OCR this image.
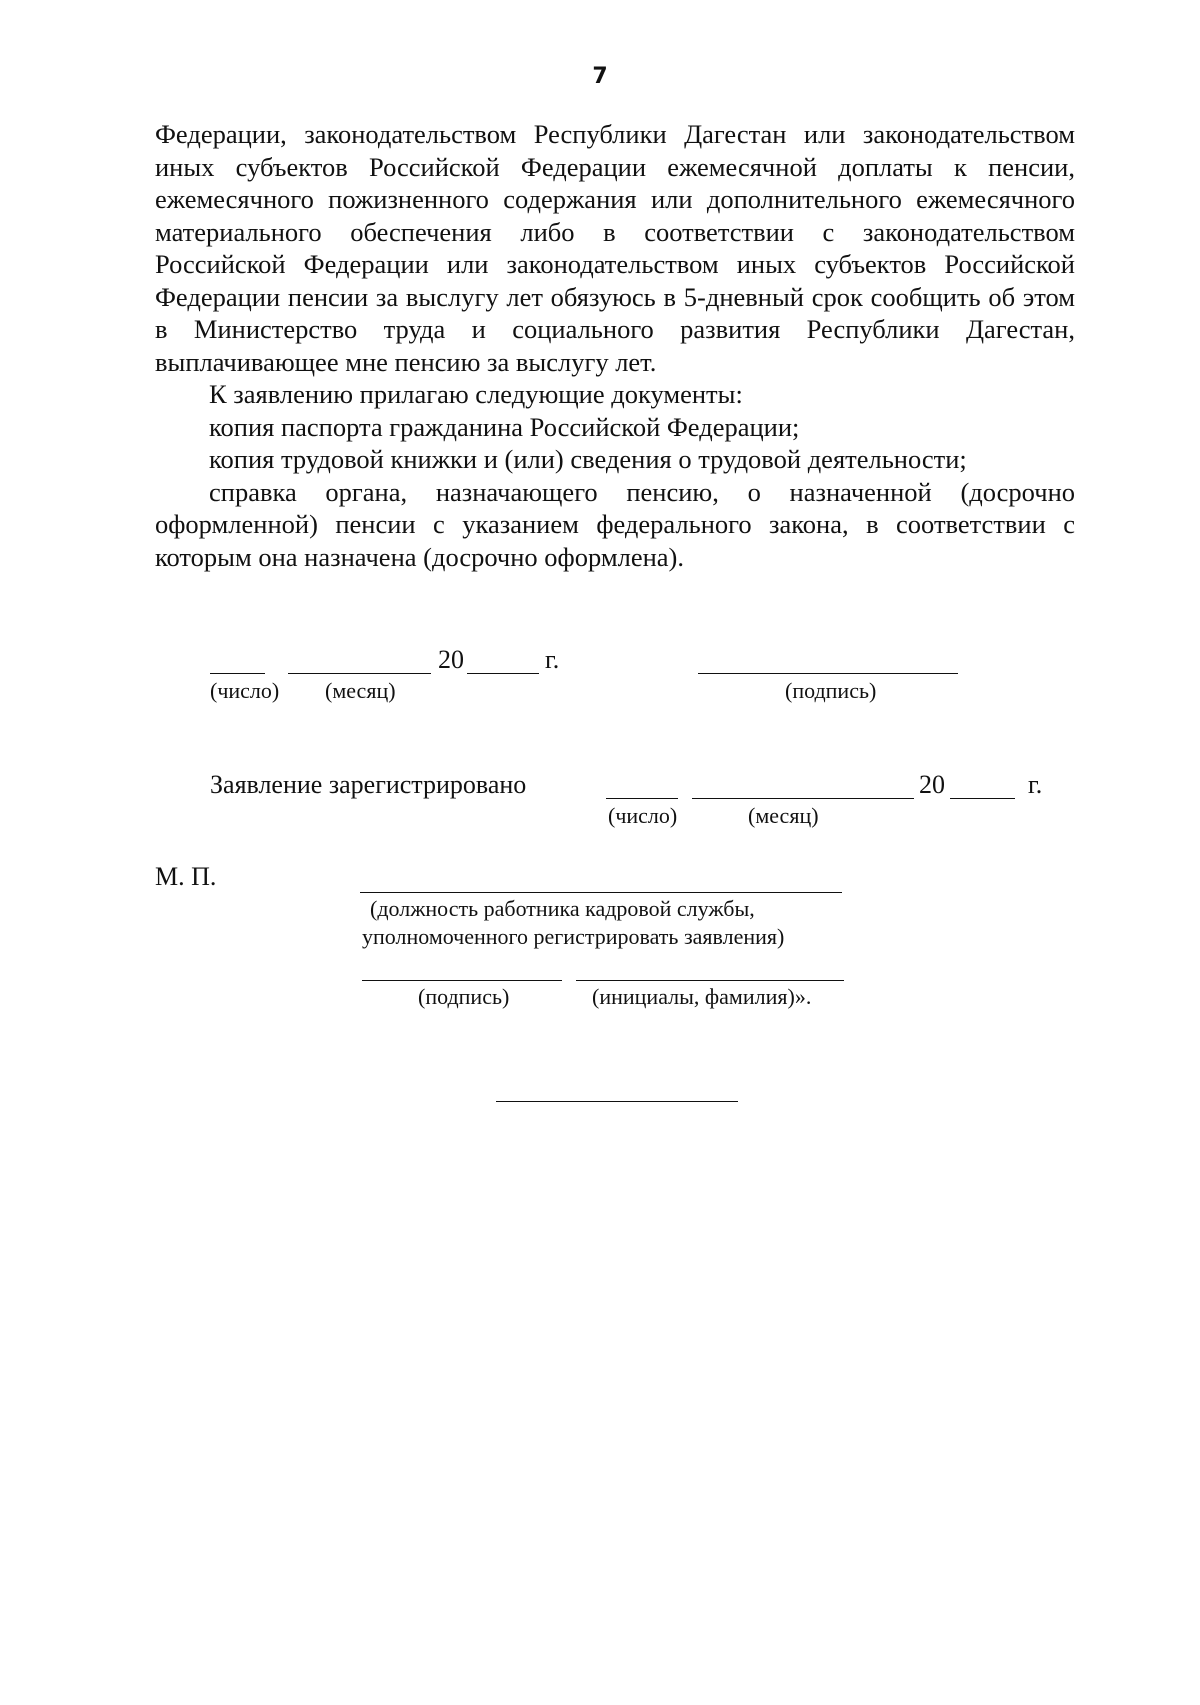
7

Федерации, законодательством Республики Дагестан или законодательством иных субъектов Российской Федерации ежемесячной доплаты к пенсии, ежемесячного пожизненного содержания или дополнительного ежемесячного материального обеспечения либо в соответствии с законодательством Российской Федерации или законодательством иных субъектов Российской Федерации пенсии за выслугу лет обязуюсь в 5-дневный срок сообщить об этом в Министерство труда и социального развития Республики Дагестан, выплачивающее мне пенсию за выслугу лет.

К заявлению прилагаю следующие документы:

копия паспорта гражданина Российской Федерации;

копия трудовой книжки и (или) сведения о трудовой деятельности;

справка органа, назначающего пенсию, о назначенной (досрочно оформленной) пенсии с указанием федерального закона, в соответствии с которым она назначена (досрочно оформлена).

20	г.
(число) (месяц)	(подпись)
Заявление зарегистрировано	20	г.
(число)	(месяц)
М. П.
(должность работника кадровой службы,
уполномоченного регистрировать заявления)
(подпись)	(инициалы, фамилия)».
